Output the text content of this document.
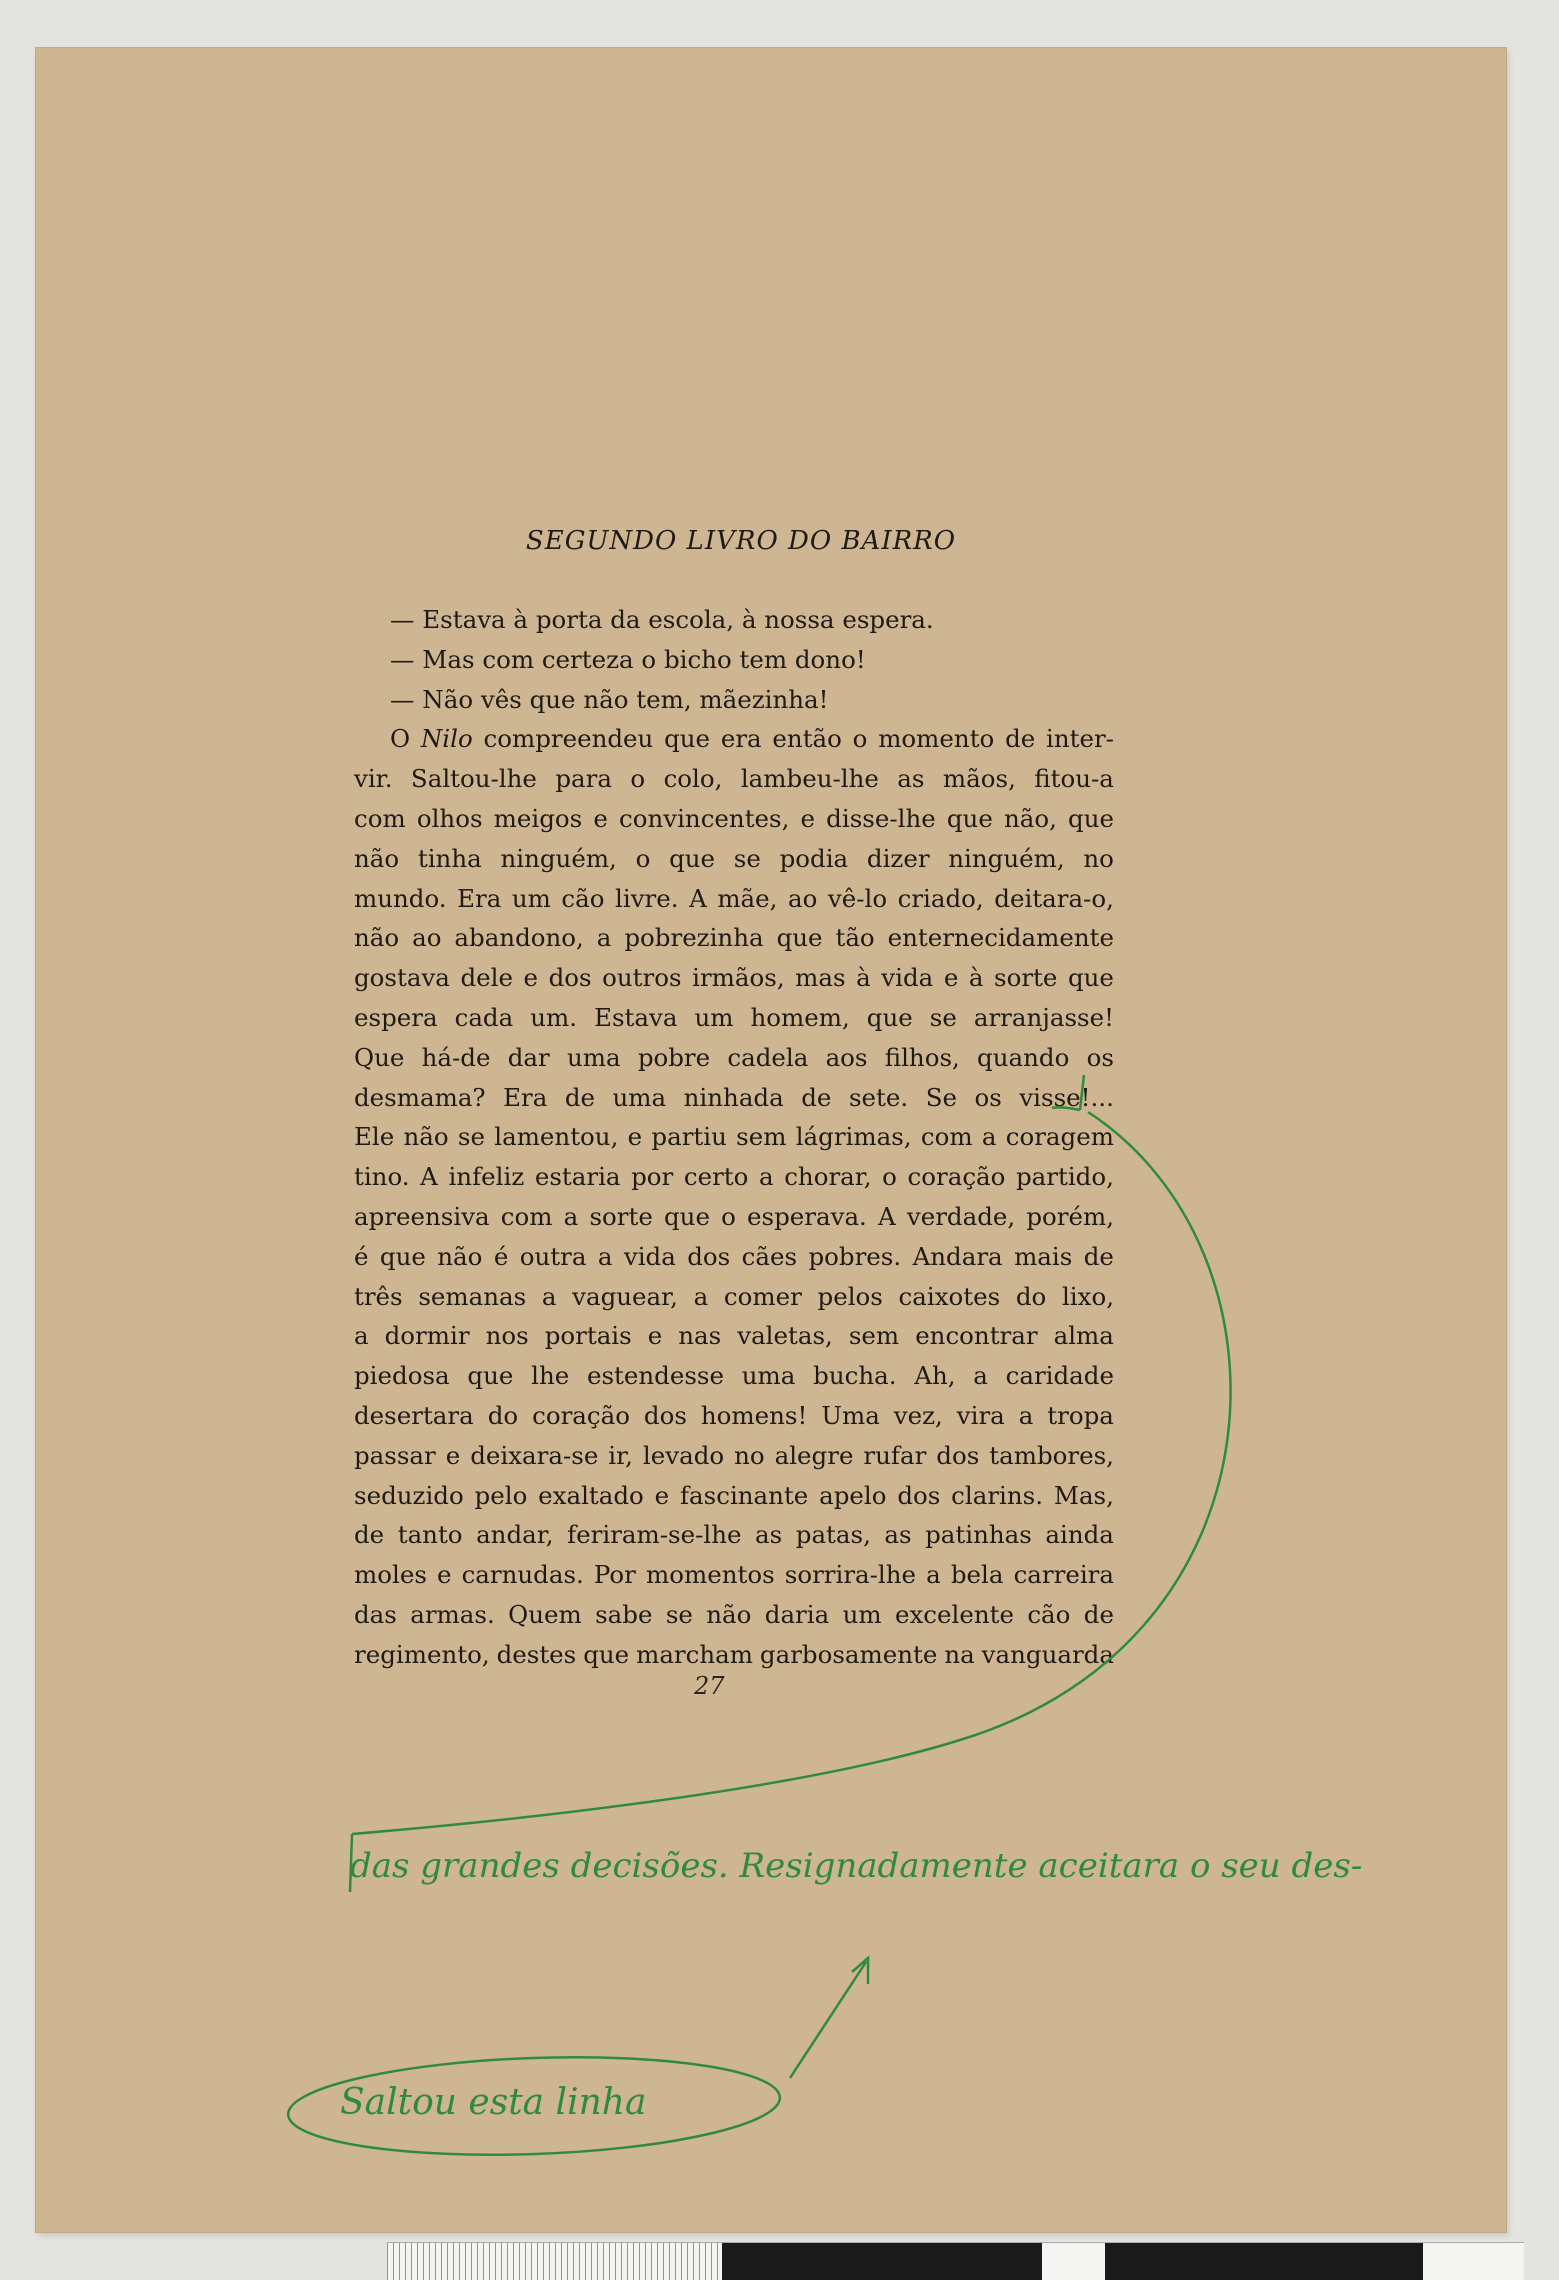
SEGUNDO LIVRO DO BAIRRO
— Estava à porta da escola, à nossa espera.
— Mas com certeza o bicho tem dono!
— Não vês que não tem, mãezinha!
O Nilo compreendeu que era então o momento de inter-
vir. Saltou-lhe para o colo, lambeu-lhe as mãos, fitou-a
com olhos meigos e convincentes, e disse-lhe que não, que
não tinha ninguém, o que se podia dizer ninguém, no
mundo. Era um cão livre. A mãe, ao vê-lo criado, deitara-o,
não ao abandono, a pobrezinha que tão enternecidamente
gostava dele e dos outros irmãos, mas à vida e à sorte que
espera cada um. Estava um homem, que se arranjasse!
Que há-de dar uma pobre cadela aos filhos, quando os
desmama? Era de uma ninhada de sete. Se os visse!...
Ele não se lamentou, e partiu sem lágrimas, com a coragem
tino. A infeliz estaria por certo a chorar, o coração partido,
apreensiva com a sorte que o esperava. A verdade, porém,
é que não é outra a vida dos cães pobres. Andara mais de
três semanas a vaguear, a comer pelos caixotes do lixo,
a dormir nos portais e nas valetas, sem encontrar alma
piedosa que lhe estendesse uma bucha. Ah, a caridade
desertara do coração dos homens! Uma vez, vira a tropa
passar e deixara-se ir, levado no alegre rufar dos tambores,
seduzido pelo exaltado e fascinante apelo dos clarins. Mas,
de tanto andar, feriram-se-lhe as patas, as patinhas ainda
moles e carnudas. Por momentos sorrira-lhe a bela carreira
das armas. Quem sabe se não daria um excelente cão de
regimento, destes que marcham garbosamente na vanguarda
27
das grandes decisões. Resignadamente aceitara o seu des-
Saltou esta linha
